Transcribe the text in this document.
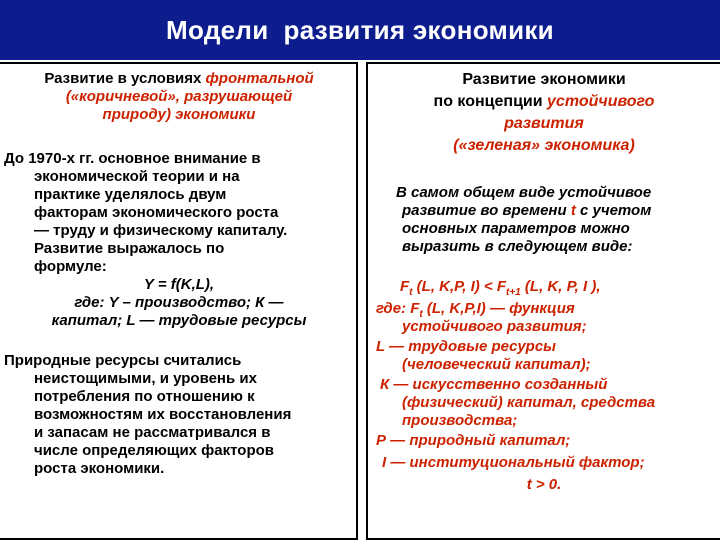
Модели  развития экономики

Развитие в условиях фронтальной

(«коричневой», разрушающей

природу) экономики

До 1970-х гг. основное внимание в

экономической теории и на

практике уделялось двум

факторам экономического роста

— труду и физическому капиталу.

Развитие выражалось по

формуле:

Y = f(K,L),

где: Y – производство; К —

капитал; L — трудовые ресурсы

Природные ресурсы считались

неистощимыми, и уровень их

потребления по отношению к

возможностям их восстановления

и запасам не рассматривался в

числе определяющих факторов

роста экономики.

Развитие экономики

по концепции устойчивого

развития

(«зеленая» экономика)

В самом общем виде устойчивое

развитие во времени t с учетом

основных параметров можно

выразить в следующем виде:

$F_t$ (L, K,P, $I) < F_{t+1}$ (L, K, P, I ),

где: $F_t$ (L, K,P,I) — функция

устойчивого развития;

L — трудовые ресурсы

(человеческий капитал);

К — искусственно созданный

(физический) капитал, средства

производства;

Р — природный капитал;

I — институциональный фактор;

t > 0.
